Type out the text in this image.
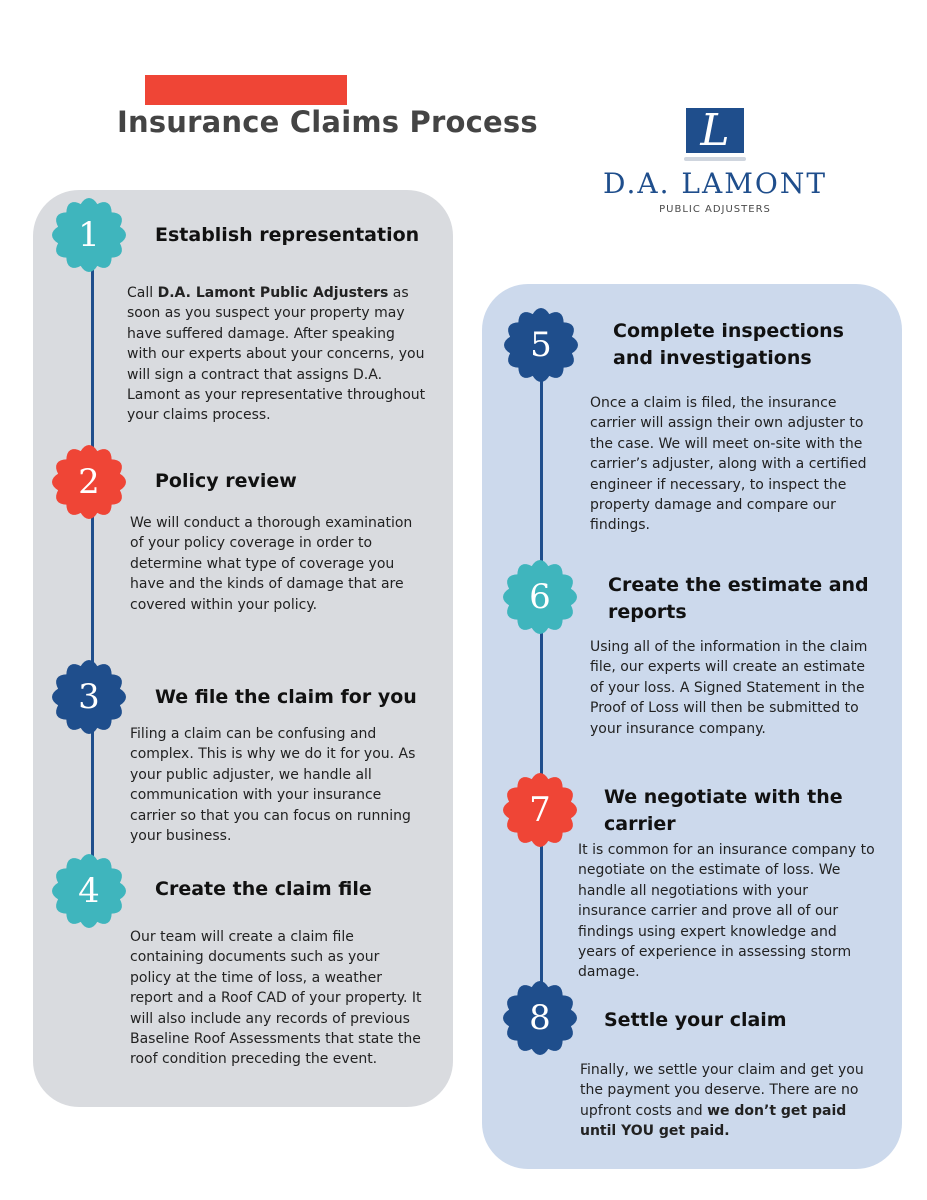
Insurance Claims Process	L

D.A. LAMONT

PUBLIC ADJUSTERS

1	Establish representation

Call D.A. Lamont Public Adjusters as soon as you suspect your property may have suffered damage. After speaking with our experts about your concerns, you will sign a contract that assigns D.A. Lamont as your representative throughout your claims process.

2	Policy review

We will conduct a thorough examination of your policy coverage in order to determine what type of coverage you have and the kinds of damage that are covered within your policy.

3	We file the claim for you

Filing a claim can be confusing and complex. This is why we do it for you. As your public adjuster, we handle all communication with your insurance carrier so that you can focus on running your business.

4	Create the claim file

Our team will create a claim file containing documents such as your policy at the time of loss, a weather report and a Roof CAD of your property. It will also include any records of previous Baseline Roof Assessments that state the roof condition preceding the event.

5	Complete inspections and investigations

Once a claim is filed, the insurance carrier will assign their own adjuster to the case. We will meet on-site with the carrier’s adjuster, along with a certified engineer if necessary, to inspect the property damage and compare our findings.

6	Create the estimate and reports

Using all of the information in the claim file, our experts will create an estimate of your loss. A Signed Statement in the Proof of Loss will then be submitted to your insurance company.

7	We negotiate with the carrier

It is common for an insurance company to negotiate on the estimate of loss. We handle all negotiations with your insurance carrier and prove all of our findings using expert knowledge and years of experience in assessing storm damage.

8	Settle your claim

Finally, we settle your claim and get you the payment you deserve. There are no upfront costs and we don’t get paid until YOU get paid.
